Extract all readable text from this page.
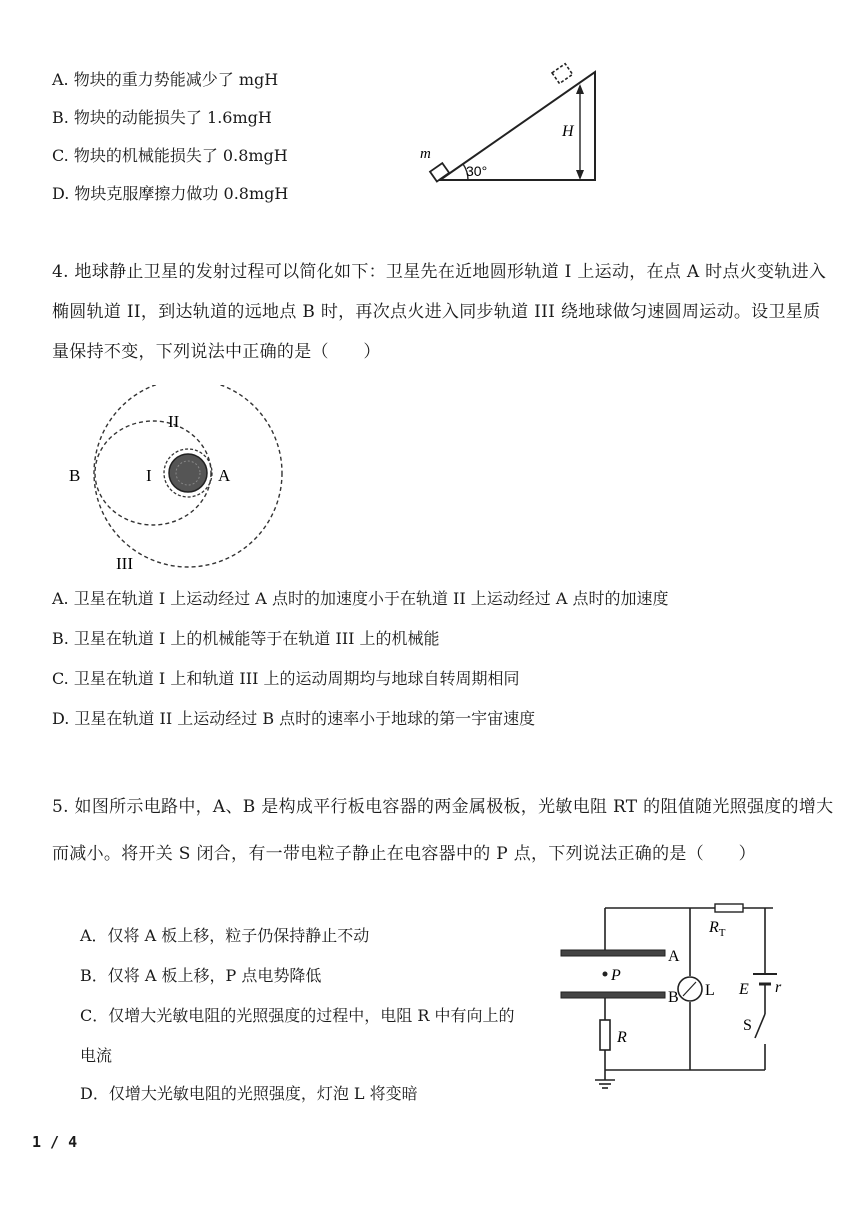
A. 物块的重力势能减少了 mgH
B. 物块的动能损失了 1.6mgH
C. 物块的机械能损失了 0.8mgH
D. 物块克服摩擦力做功 0.8mgH
m
30°
H
4. 地球静止卫星的发射过程可以简化如下：卫星先在近地圆形轨道 I 上运动，在点 A 时点火变轨进入
椭圆轨道 II，到达轨道的远地点 B 时，再次点火进入同步轨道 III 绕地球做匀速圆周运动。设卫星质
量保持不变，下列说法中正确的是（　　）
II
I	A
B
III
A. 卫星在轨道 I 上运动经过 A 点时的加速度小于在轨道 II 上运动经过 A 点时的加速度
B. 卫星在轨道 I 上的机械能等于在轨道 III 上的机械能
C. 卫星在轨道 I 上和轨道 III 上的运动周期均与地球自转周期相同
D. 卫星在轨道 II 上运动经过 B 点时的速率小于地球的第一宇宙速度
5. 如图所示电路中，A、B 是构成平行板电容器的两金属极板，光敏电阻 RT 的阻值随光照强度的增大
而减小。将开关 S 闭合，有一带电粒子静止在电容器中的 P 点，下列说法正确的是（　　）
A．仅将 A 板上移，粒子仍保持静止不动
B．仅将 A 板上移，P 点电势降低
C．仅增大光敏电阻的光照强度的过程中，电阻 R 中有向上的
电流
D．仅增大光敏电阻的光照强度，灯泡 L 将变暗
A
B
P
R
L
$R_T$
E r
S
1 / 4
